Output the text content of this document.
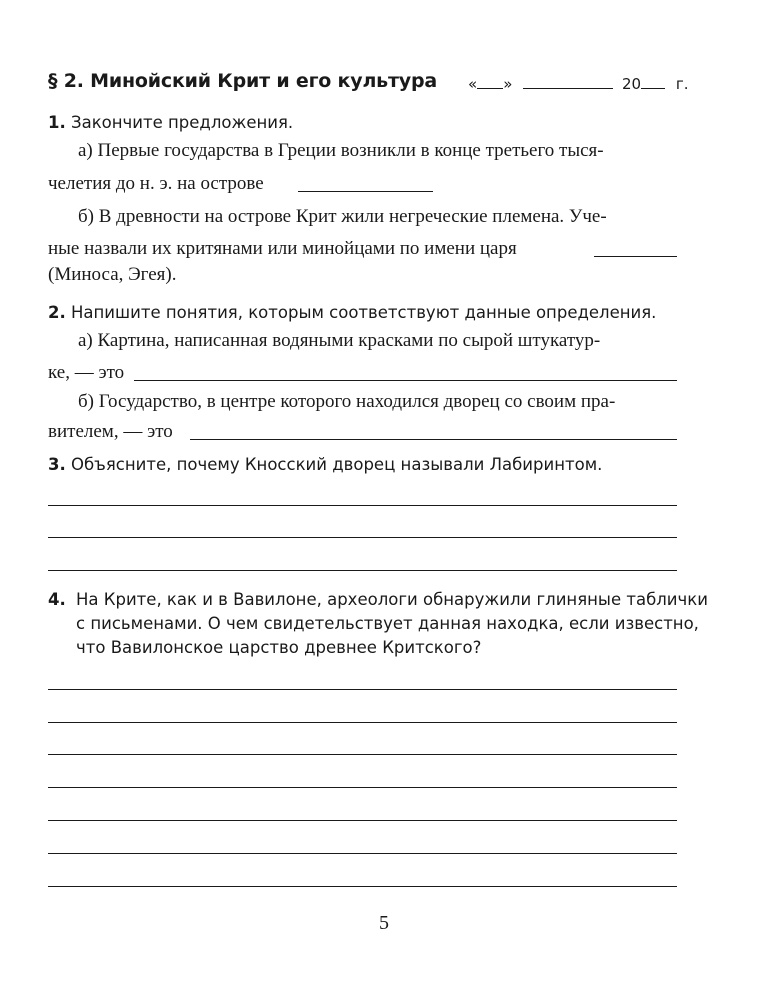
§ 2. Минойский Крит и его культура « »	20 г.
1. Закончите предложения.
а) Первые государства в Греции возникли в конце третьего тыся-
челетия до н. э. на острове
б) В древности на острове Крит жили негреческие племена. Уче-
ные назвали их критянами или минойцами по имени царя
(Миноса, Эгея).
2. Напишите понятия, которым соответствуют данные определения.
а) Картина, написанная водяными красками по сырой штукатур-
ке, — это
б) Государство, в центре которого находился дворец со своим пра-
вителем, — это
3. Объясните, почему Кносский дворец называли Лабиринтом.
4. На Крите, как и в Вавилоне, археологи обнаружили глиняные таблички
с письменами. О чем свидетельствует данная находка, если известно,
что Вавилонское царство древнее Критского?
5
